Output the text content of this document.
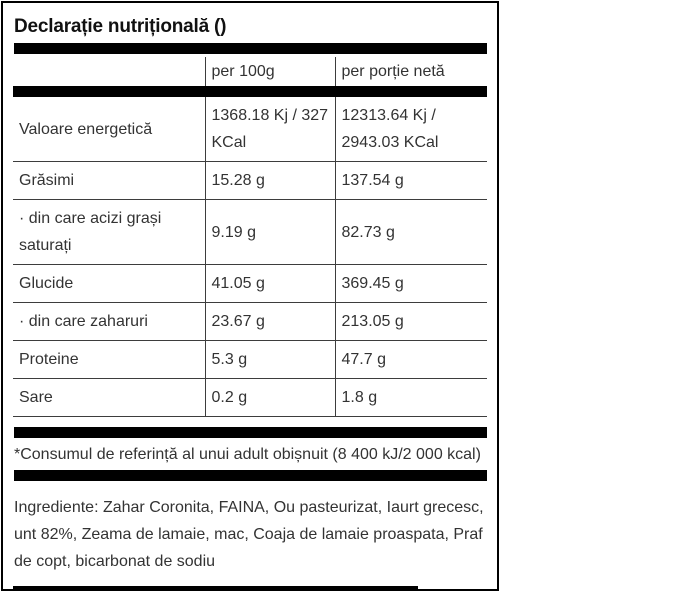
Declarație nutrițională ()
	per 100g	per porție netă

Valoare energetică	1368.18 Kj / 327 KCal	12313.64 Kj / 2943.03 KCal
Grăsimi	15.28 g	137.54 g
· din care acizi grași saturați	9.19 g	82.73 g
Glucide	41.05 g	369.45 g
· din care zaharuri	23.67 g	213.05 g
Proteine	5.3 g	47.7 g
Sare	0.2 g	1.8 g

*Consumul de referință al unui adult obișnuit (8 400 kJ/2 000 kcal)

Ingrediente: Zahar Coronita, FAINA, Ou pasteurizat, Iaurt grecesc, unt 82%, Zeama de lamaie, mac, Coaja de lamaie proaspata, Praf de copt, bicarbonat de sodiu
